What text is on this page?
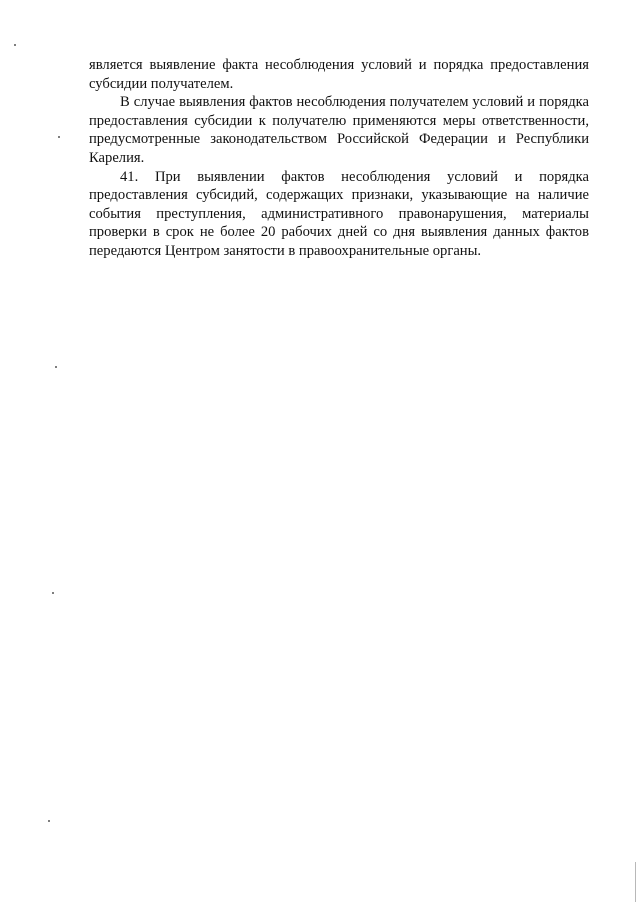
является выявление факта несоблюдения условий и порядка предоставления субсидии получателем.

В случае выявления фактов несоблюдения получателем условий и порядка предоставления субсидии к получателю применяются меры ответственности, предусмотренные законодательством Российской Федерации и Республики Карелия.

41. При выявлении фактов несоблюдения условий и порядка предоставления субсидий, содержащих признаки, указывающие на наличие события преступления, административного правонарушения, материалы проверки в срок не более 20 рабочих дней со дня выявления данных фактов передаются Центром занятости в правоохранительные органы.
